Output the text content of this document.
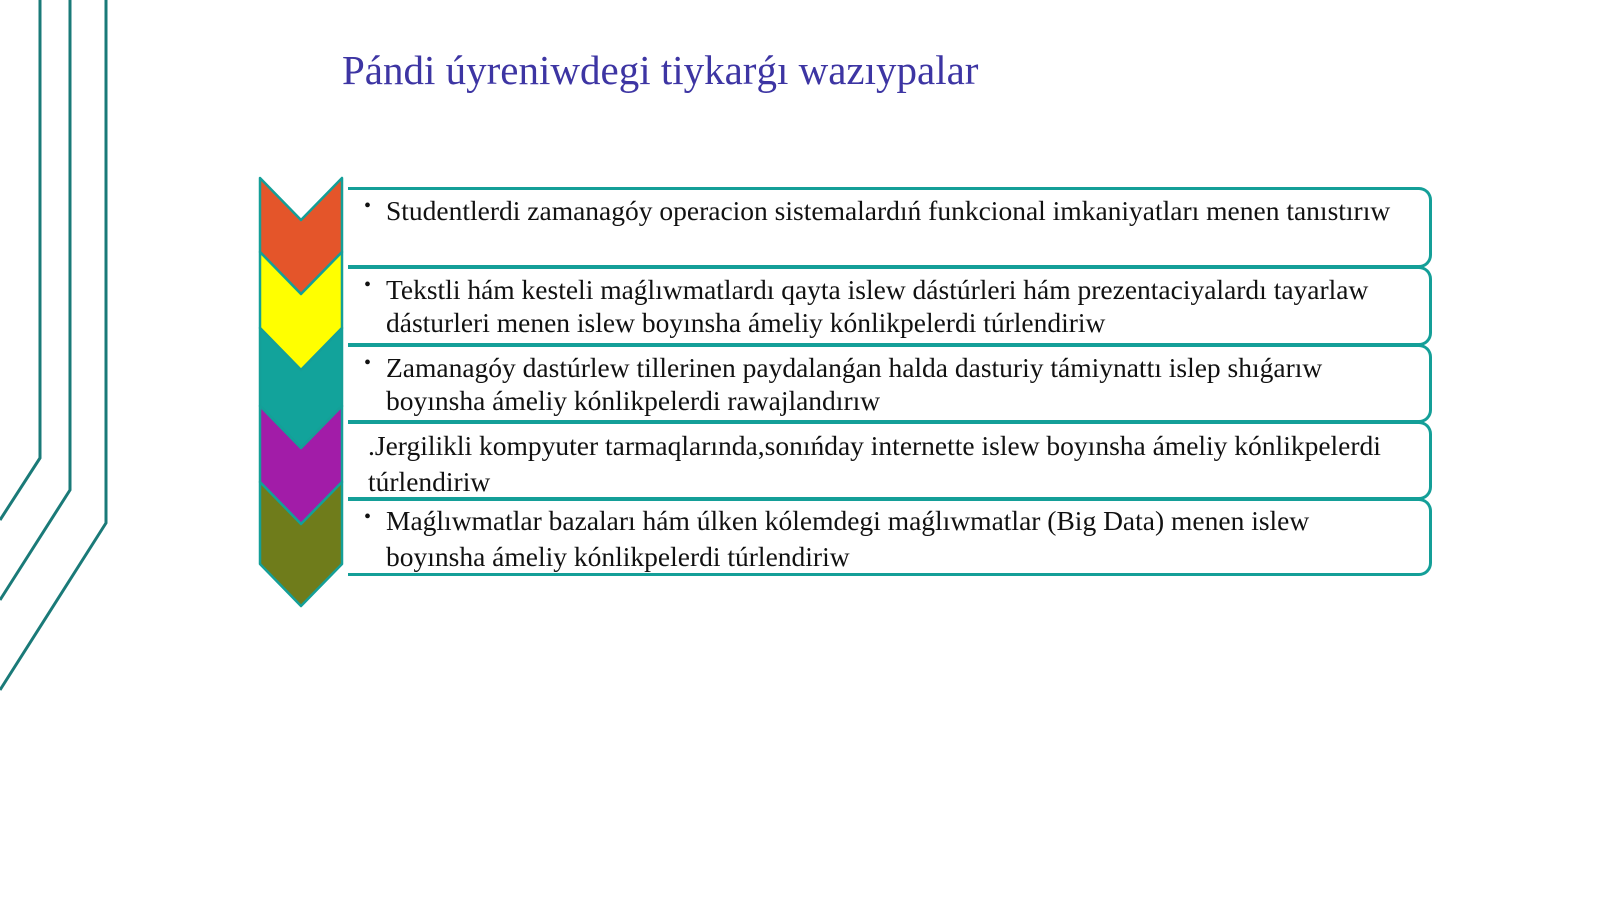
Pándi úyreniwdegi tiykarǵı wazıypalar
• Studentlerdi zamanagóy operacion sistemalardıń funkcional imkaniyatları menen tanıstırıw
• Tekstli hám kesteli maǵlıwmatlardı qayta islew dástúrleri hám prezentaciyalardı tayarlaw dásturleri menen islew boyınsha ámeliy kónlikpelerdi túrlendiriw
• Zamanagóy dastúrlew tillerinen paydalanǵan halda dasturiy támiynattı islep shıǵarıw boyınsha ámeliy kónlikpelerdi rawajlandırıw
.Jergilikli kompyuter tarmaqlarında,sonıńday internette islew boyınsha ámeliy kónlikpelerdi túrlendiriw
• Maǵlıwmatlar bazaları hám úlken kólemdegi maǵlıwmatlar (Big Data) menen islew boyınsha ámeliy kónlikpelerdi túrlendiriw
